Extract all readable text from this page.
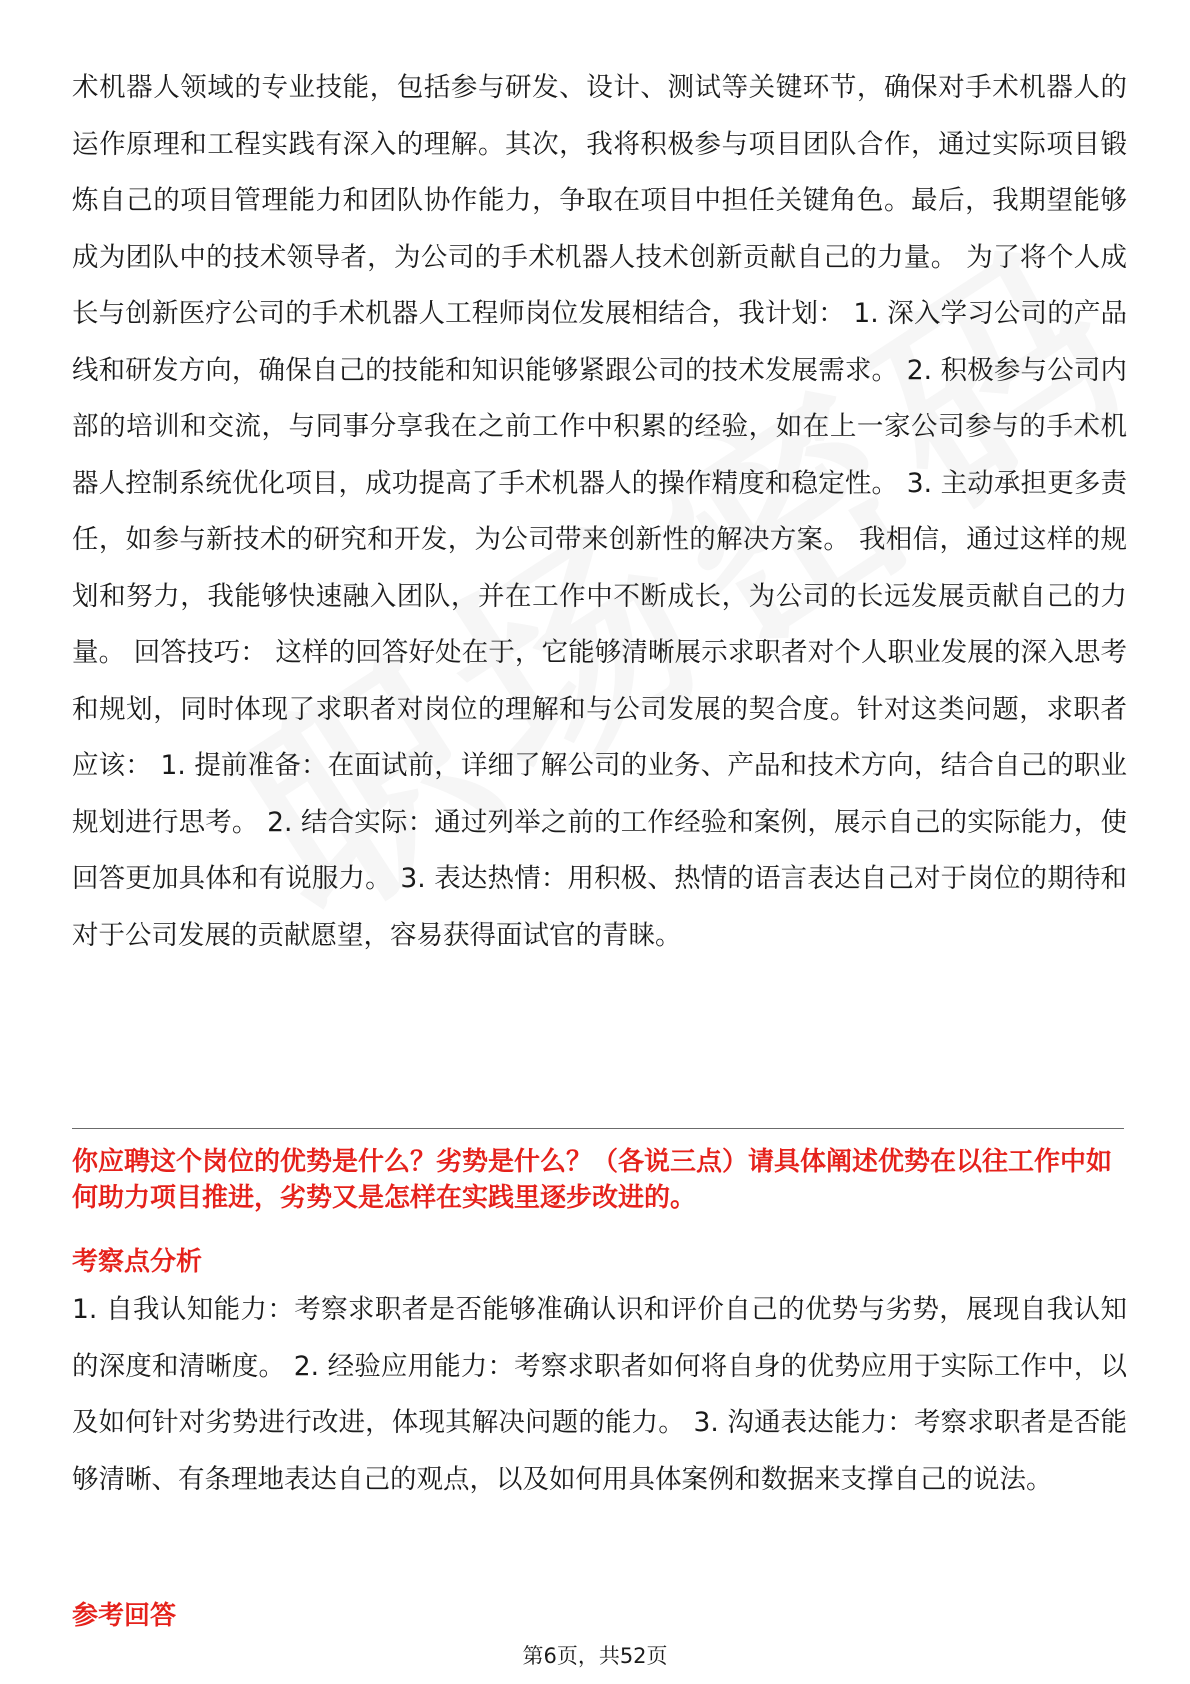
术机器人领域的专业技能，包括参与研发、设计、测试等关键环节，确保对手术机器人的运作原理和工程实践有深入的理解。其次，我将积极参与项目团队合作，通过实际项目锻炼自己的项目管理能力和团队协作能力，争取在项目中担任关键角色。最后，我期望能够成为团队中的技术领导者，为公司的手术机器人技术创新贡献自己的力量。 为了将个人成长与创新医疗公司的手术机器人工程师岗位发展相结合，我计划： 1. 深入学习公司的产品线和研发方向，确保自己的技能和知识能够紧跟公司的技术发展需求。 2. 积极参与公司内部的培训和交流，与同事分享我在之前工作中积累的经验，如在上一家公司参与的手术机器人控制系统优化项目，成功提高了手术机器人的操作精度和稳定性。 3. 主动承担更多责任，如参与新技术的研究和开发，为公司带来创新性的解决方案。 我相信，通过这样的规划和努力，我能够快速融入团队，并在工作中不断成长，为公司的长远发展贡献自己的力量。 回答技巧： 这样的回答好处在于，它能够清晰展示求职者对个人职业发展的深入思考和规划，同时体现了求职者对岗位的理解和与公司发展的契合度。针对这类问题，求职者应该： 1. 提前准备：在面试前，详细了解公司的业务、产品和技术方向，结合自己的职业规划进行思考。 2. 结合实际：通过列举之前的工作经验和案例，展示自己的实际能力，使回答更加具体和有说服力。 3. 表达热情：用积极、热情的语言表达自己对于岗位的期待和对于公司发展的贡献愿望，容易获得面试官的青睐。
你应聘这个岗位的优势是什么？劣势是什么？（各说三点）请具体阐述优势在以往工作中如何助力项目推进，劣势又是怎样在实践里逐步改进的。
考察点分析
1. 自我认知能力：考察求职者是否能够准确认识和评价自己的优势与劣势，展现自我认知的深度和清晰度。 2. 经验应用能力：考察求职者如何将自身的优势应用于实际工作中，以及如何针对劣势进行改进，体现其解决问题的能力。 3. 沟通表达能力：考察求职者是否能够清晰、有条理地表达自己的观点，以及如何用具体案例和数据来支撑自己的说法。
参考回答
第6页，共52页
